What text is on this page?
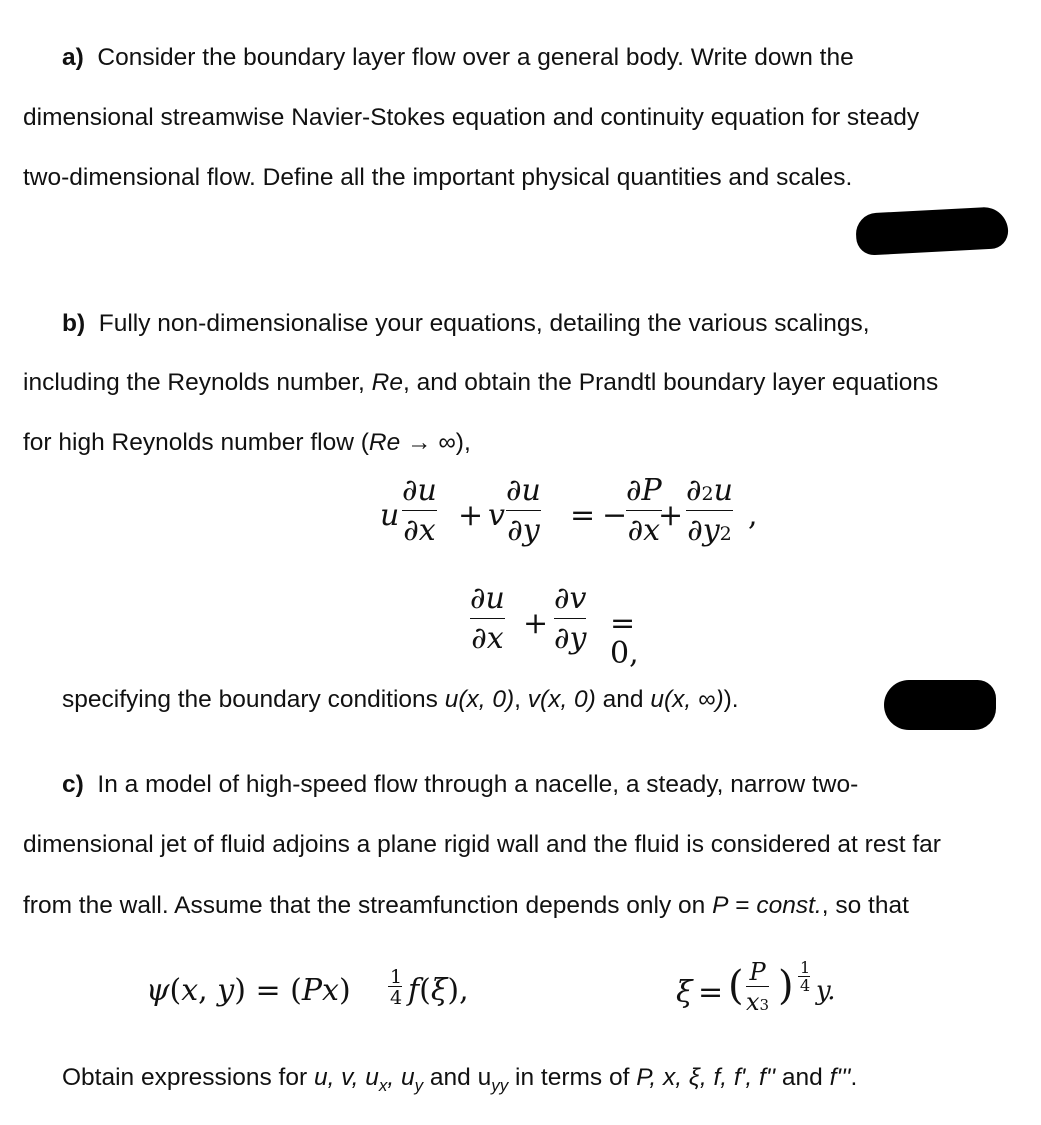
a) Consider the boundary layer flow over a general body. Write down the

dimensional streamwise Navier-Stokes equation and continuity equation for steady

two-dimensional flow. Define all the important physical quantities and scales.

b) Fully non-dimensionalise your equations, detailing the various scalings,

including the Reynolds number, Re, and obtain the Prandtl boundary layer equations

for high Reynolds number flow (Re → ∞),

u
∂u
∂x + v
∂u
∂y = −
∂P
∂x
+
∂2u
∂y2
,
∂u
∂x +
∂v
∂y = 0,

specifying the boundary conditions u(x, 0), v(x, 0) and u(x, ∞)).

c) In a model of high-speed flow through a nacelle, a steady, narrow two-

dimensional jet of fluid adjoins a plane rigid wall and the fluid is considered at rest far

from the wall. Assume that the streamfunction depends only on P = const., so that

ψ(x, y) = (Px) 1
4 f(ξ),	ξ = ( P
x3 ) 1
4 y.

Obtain expressions for u, v, $u_x$, $u_y$ and $u_{yy}$ in terms of P, x, ξ, f, f', f'' and f'''.
